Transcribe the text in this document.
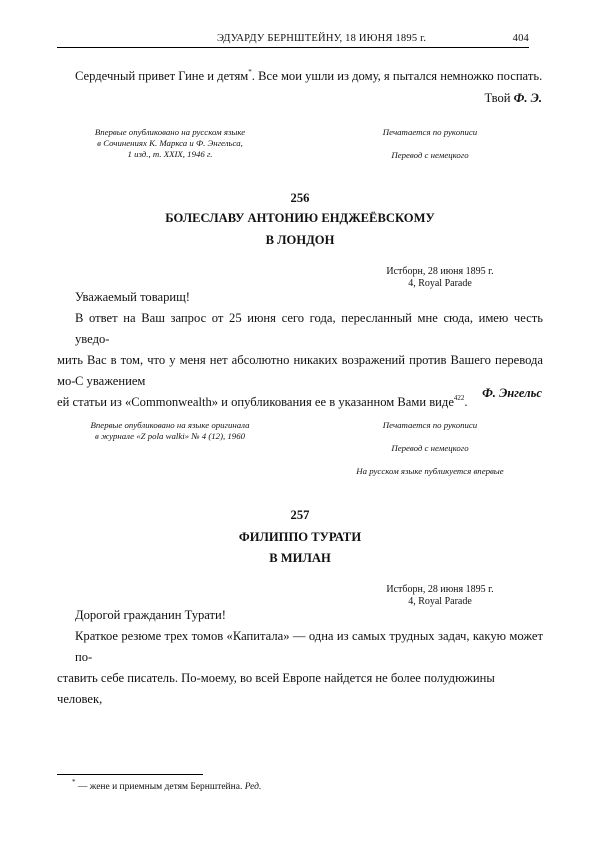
ЭДУАРДУ БЕРНШТЕЙНУ, 18 ИЮНЯ 1895 г.	404
Сердечный привет Гине и детям*. Все мои ушли из дому, я пытался немножко поспать.
Твой Ф. Э.
Впервые опубликовано на русском языке
в Сочинениях К. Маркса и Ф. Энгельса,
1 изд., т. XXIX, 1946 г.
Печатается по рукописи
Перевод с немецкого
256
БОЛЕСЛАВУ АНТОНИЮ ЕНДЖЕЁВСКОМУ
В ЛОНДОН
Истборн, 28 июня 1895 г.
4, Royal Parade
Уважаемый товарищ!
В ответ на Ваш запрос от 25 июня сего года, пересланный мне сюда, имею честь уведо-
мить Вас в том, что у меня нет абсолютно никаких возражений против Вашего перевода мо-
ей статьи из «Commonwealth» и опубликования ее в указанном Вами виде$^{422}$.
С уважением
Ф. Энгельс
Впервые опубликовано на языке оригинала
в журнале «Z pola walki» № 4 (12), 1960
Печатается по рукописи
Перевод с немецкого
На русском языке публикуется впервые
257
ФИЛИППО ТУРАТИ
В МИЛАН
Истборн, 28 июня 1895 г.
4, Royal Parade
Дорогой гражданин Турати!
Краткое резюме трех томов «Капитала» — одна из самых трудных задач, какую может по-
ставить себе писатель. По-моему, во всей Европе найдется не более полудюжины человек,
* — жене и приемным детям Бернштейна. Ред.
